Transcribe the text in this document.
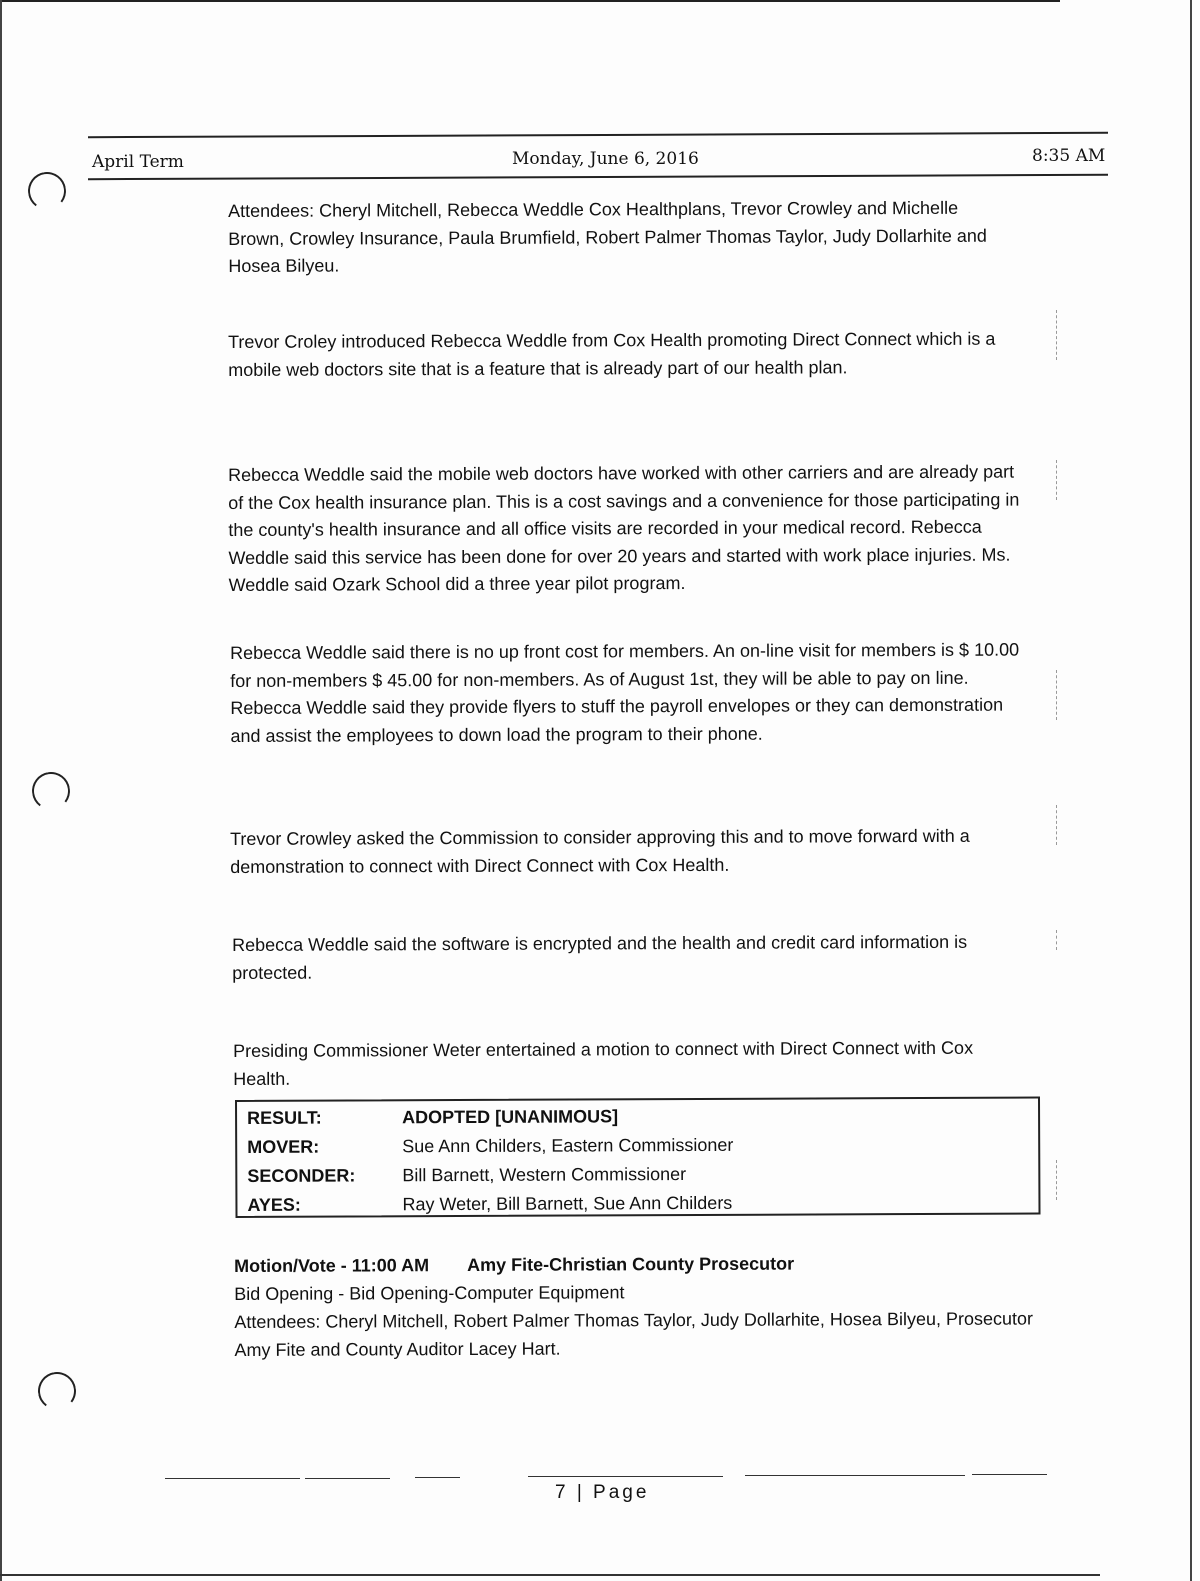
April Term	Monday, June 6, 2016	8:35 AM

Attendees: Cheryl Mitchell, Rebecca Weddle Cox Healthplans, Trevor Crowley and Michelle Brown, Crowley Insurance, Paula Brumfield, Robert Palmer Thomas Taylor, Judy Dollarhite and Hosea Bilyeu.

Trevor Croley introduced Rebecca Weddle from Cox Health promoting Direct Connect which is a mobile web doctors site that is a feature that is already part of our health plan.

Rebecca Weddle said the mobile web doctors have worked with other carriers and are already part of the Cox health insurance plan. This is a cost savings and a convenience for those participating in the county's health insurance and all office visits are recorded in your medical record. Rebecca Weddle said this service has been done for over 20 years and started with work place injuries. Ms. Weddle said Ozark School did a three year pilot program.

Rebecca Weddle said there is no up front cost for members. An on-line visit for members is $ 10.00 for non-members $ 45.00 for non-members. As of August 1st, they will be able to pay on line. Rebecca Weddle said they provide flyers to stuff the payroll envelopes or they can demonstration and assist the employees to down load the program to their phone.

Trevor Crowley asked the Commission to consider approving this and to move forward with a demonstration to connect with Direct Connect with Cox Health.

Rebecca Weddle said the software is encrypted and the health and credit card information is protected.

Presiding Commissioner Weter entertained a motion to connect with Direct Connect with Cox Health.

RESULT:	ADOPTED [UNANIMOUS]
MOVER:	Sue Ann Childers, Eastern Commissioner
SECONDER:	Bill Barnett, Western Commissioner
AYES:	Ray Weter, Bill Barnett, Sue Ann Childers
Motion/Vote - 11:00 AM Amy Fite-Christian County Prosecutor
Bid Opening - Bid Opening-Computer Equipment
Attendees: Cheryl Mitchell, Robert Palmer Thomas Taylor, Judy Dollarhite, Hosea Bilyeu, Prosecutor Amy Fite and County Auditor Lacey Hart.
7 | Page
